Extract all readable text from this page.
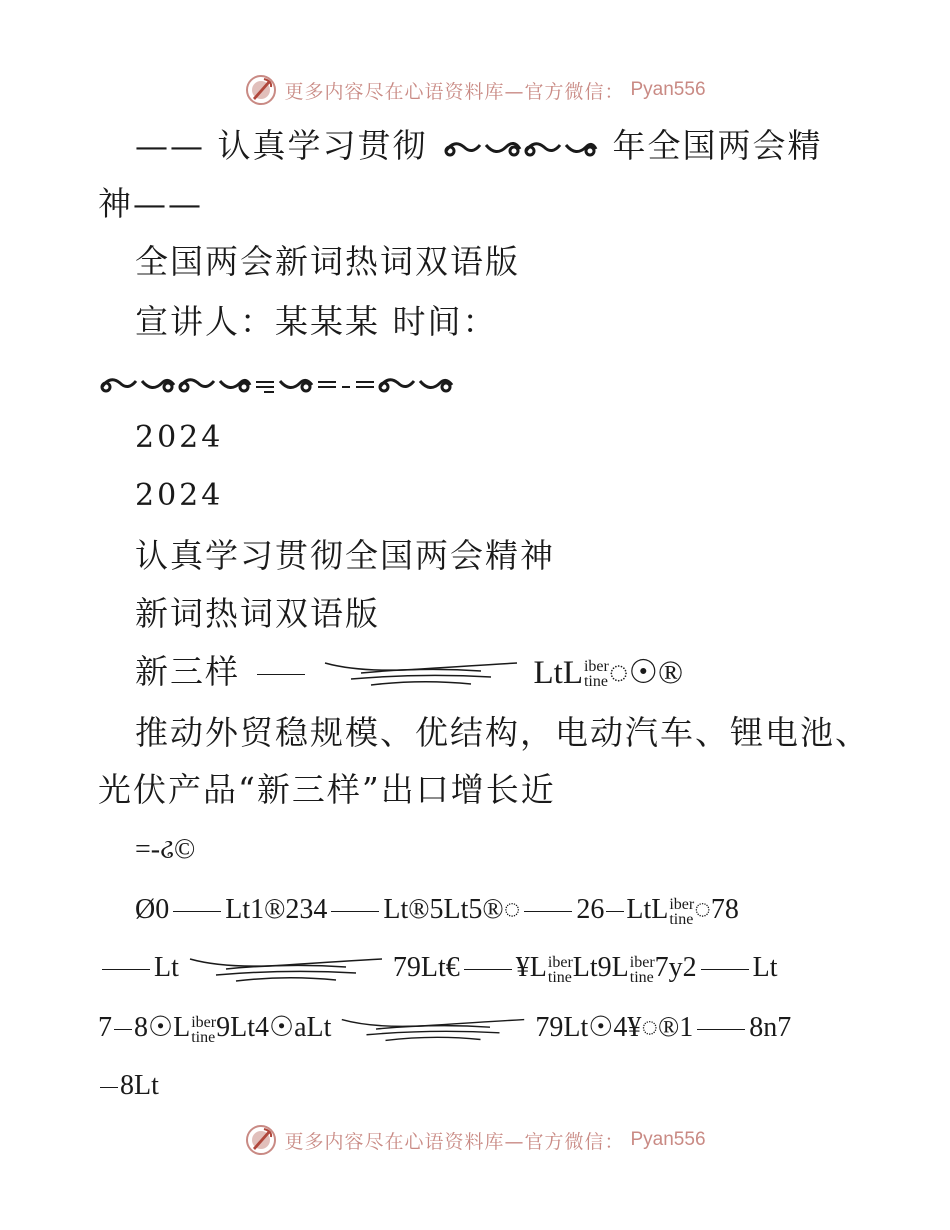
更多内容尽在心语资料库—官方微信： Pyan556
—— 认真学习贯彻	年全国两会精
神——
全国两会新词热词双语版
宣讲人：某某某 时间：
2024
2024
认真学习贯彻全国两会精神
新词热词双语版
新三样	LtLiber
tine◌☉®
推动外贸稳规模、优结构，电动汽车、锂电池、
光伏产品“新三样”出口增长近
=-ઢ©
Ø0 Lt1®234 Lt®5Lt5®◌ 26 LtLiber
tine◌78
Lt	79Lt€ ¥Liber
tineLt9Liber
tine7y2 Lt
7 8☉Liber
tine9Lt4☉aLt	79Lt☉4¥◌®1 8n7
8Lt
更多内容尽在心语资料库—官方微信： Pyan556
